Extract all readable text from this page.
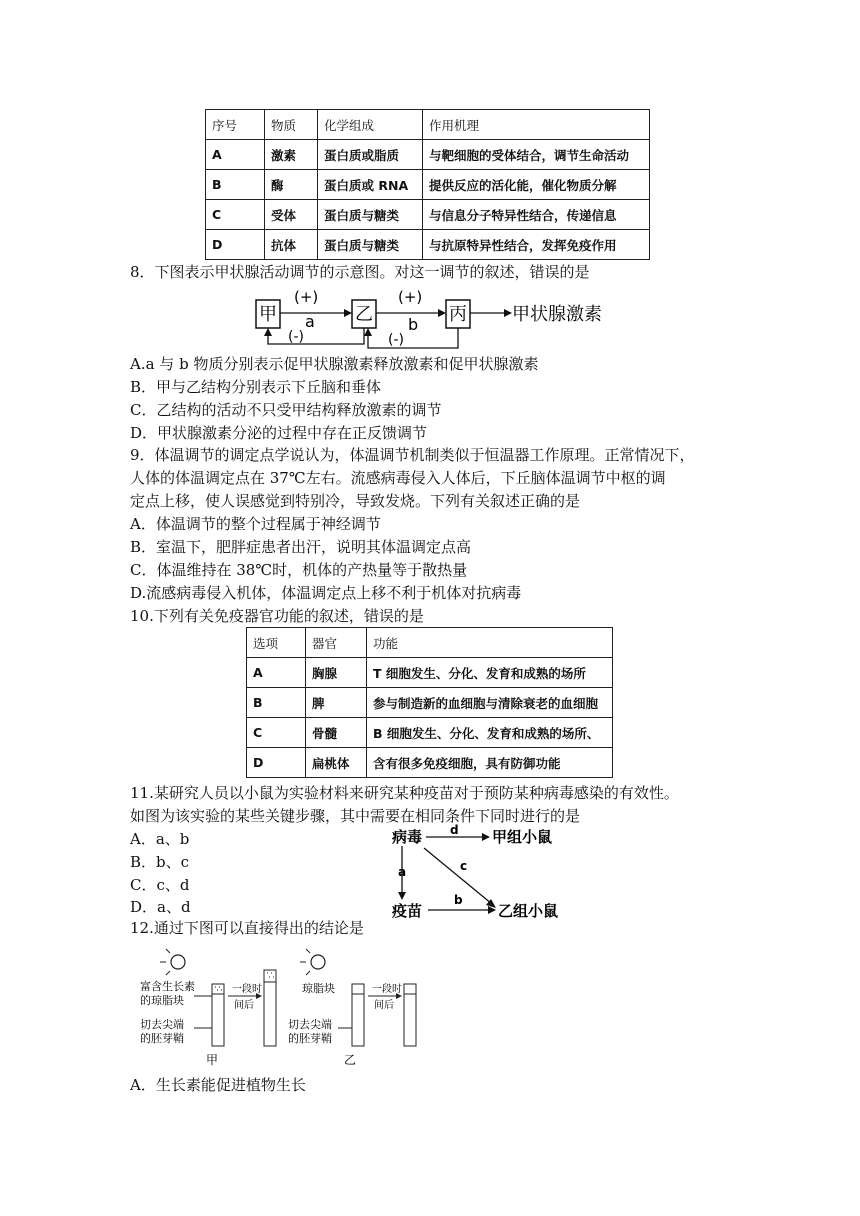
序号	物质	化学组成	作用机理
A	激素	蛋白质或脂质	与靶细胞的受体结合，调节生命活动
B	酶	蛋白质或 RNA	提供反应的活化能，催化物质分解
C	受体	蛋白质与糖类	与信息分子特异性结合，传递信息
D	抗体	蛋白质与糖类	与抗原特异性结合，发挥免疫作用
8．下图表示甲状腺活动调节的示意图。对这一调节的叙述，错误的是
甲	乙	丙	甲状腺激素
(+)
a
(+)
b
(-)	(-)
A.a 与 b 物质分别表示促甲状腺激素释放激素和促甲状腺激素
B．甲与乙结构分别表示下丘脑和垂体
C．乙结构的活动不只受甲结构释放激素的调节
D．甲状腺激素分泌的过程中存在正反馈调节
9．体温调节的调定点学说认为，体温调节机制类似于恒温器工作原理。正常情况下，
人体的体温调定点在 37℃左右。流感病毒侵入人体后，下丘脑体温调节中枢的调
定点上移，使人误感觉到特别冷，导致发烧。下列有关叙述正确的是
A．体温调节的整个过程属于神经调节
B．室温下，肥胖症患者出汗，说明其体温调定点高
C．体温维持在 38℃时，机体的产热量等于散热量
D.流感病毒侵入机体，体温调定点上移不利于机体对抗病毒
10.下列有关免疫器官功能的叙述，错误的是
选项	器官	功能
A	胸腺	T 细胞发生、分化、发育和成熟的场所
B	脾	参与制造新的血细胞与清除衰老的血细胞
C	骨髓	B 细胞发生、分化、发育和成熟的场所、
D	扁桃体	含有很多免疫细胞，具有防御功能
11.某研究人员以小鼠为实验材料来研究某种疫苗对于预防某种病毒感染的有效性。
如图为该实验的某些关键步骤，其中需要在相同条件下同时进行的是
A．a、b
B．b、c
C．c、d
D．a、d
病毒
疫苗
甲组小鼠
乙组小鼠
d
a	c
b
12.通过下图可以直接得出的结论是
富含生长素
的琼脂块
切去尖端
的胚芽鞘
一段时
间后
甲
琼脂块
切去尖端
的胚芽鞘
一段时
间后
乙
A．生长素能促进植物生长
